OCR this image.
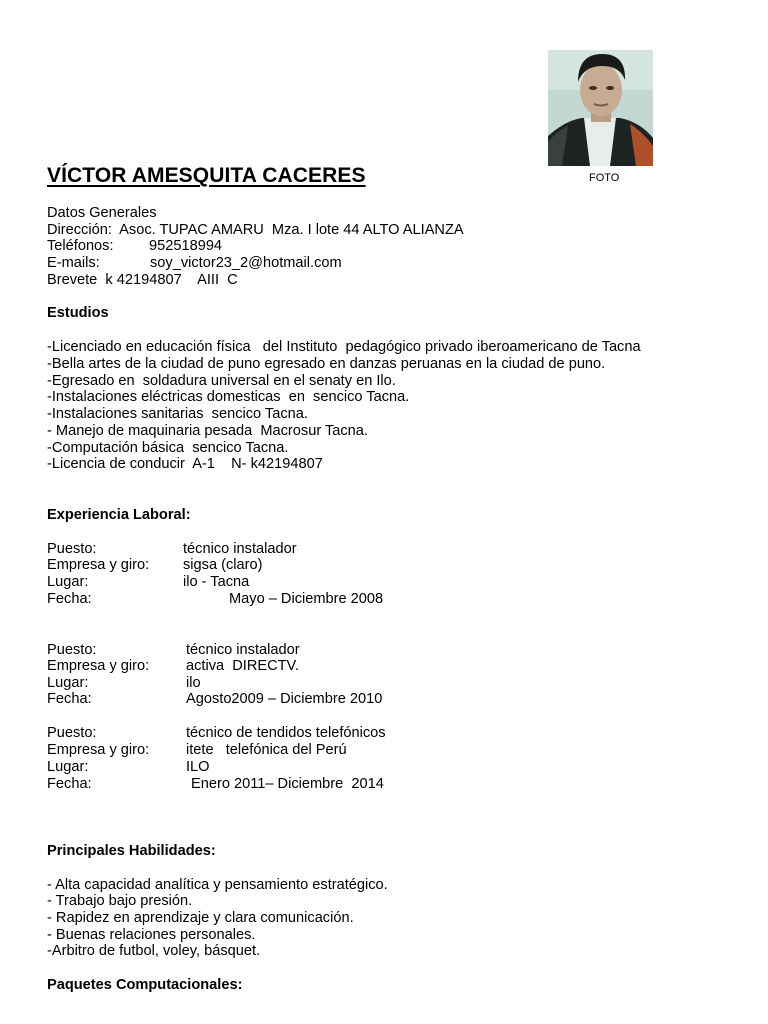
FOTO
VÍCTOR AMESQUITA CACERES
Datos Generales
Dirección:  Asoc. TUPAC AMARU  Mza. I lote 44 ALTO ALIANZA
Teléfonos: 952518994
E-mails:	soy_victor23_2@hotmail.com
Brevete  k 42194807    AIII  C
Estudios
-Licenciado en educación física   del Instituto  pedagógico privado iberoamericano de Tacna
-Bella artes de la ciudad de puno egresado en danzas peruanas en la ciudad de puno.
-Egresado en  soldadura universal en el senaty en Ilo.
-Instalaciones eléctricas domesticas  en  sencico Tacna.
-Instalaciones sanitarias  sencico Tacna.
- Manejo de maquinaria pesada  Macrosur Tacna.
-Computación básica  sencico Tacna.
-Licencia de conducir  A-1    N- k42194807
Experiencia Laboral:
Puesto:	técnico instalador
Empresa y giro: sigsa (claro)
Lugar:	ilo - Tacna
Fecha:	Mayo – Diciembre 2008
Puesto:	técnico instalador
Empresa y giro:	activa  DIRECTV.
Lugar:	ilo
Fecha:	Agosto2009 – Diciembre 2010
Puesto:	técnico de tendidos telefónicos
Empresa y giro:	itete   telefónica del Perú
Lugar:	ILO
Fecha:	Enero 2011– Diciembre  2014
Principales Habilidades:
- Alta capacidad analítica y pensamiento estratégico.
- Trabajo bajo presión.
- Rapidez en aprendizaje y clara comunicación.
- Buenas relaciones personales.
-Arbitro de futbol, voley, básquet.
Paquetes Computacionales:
